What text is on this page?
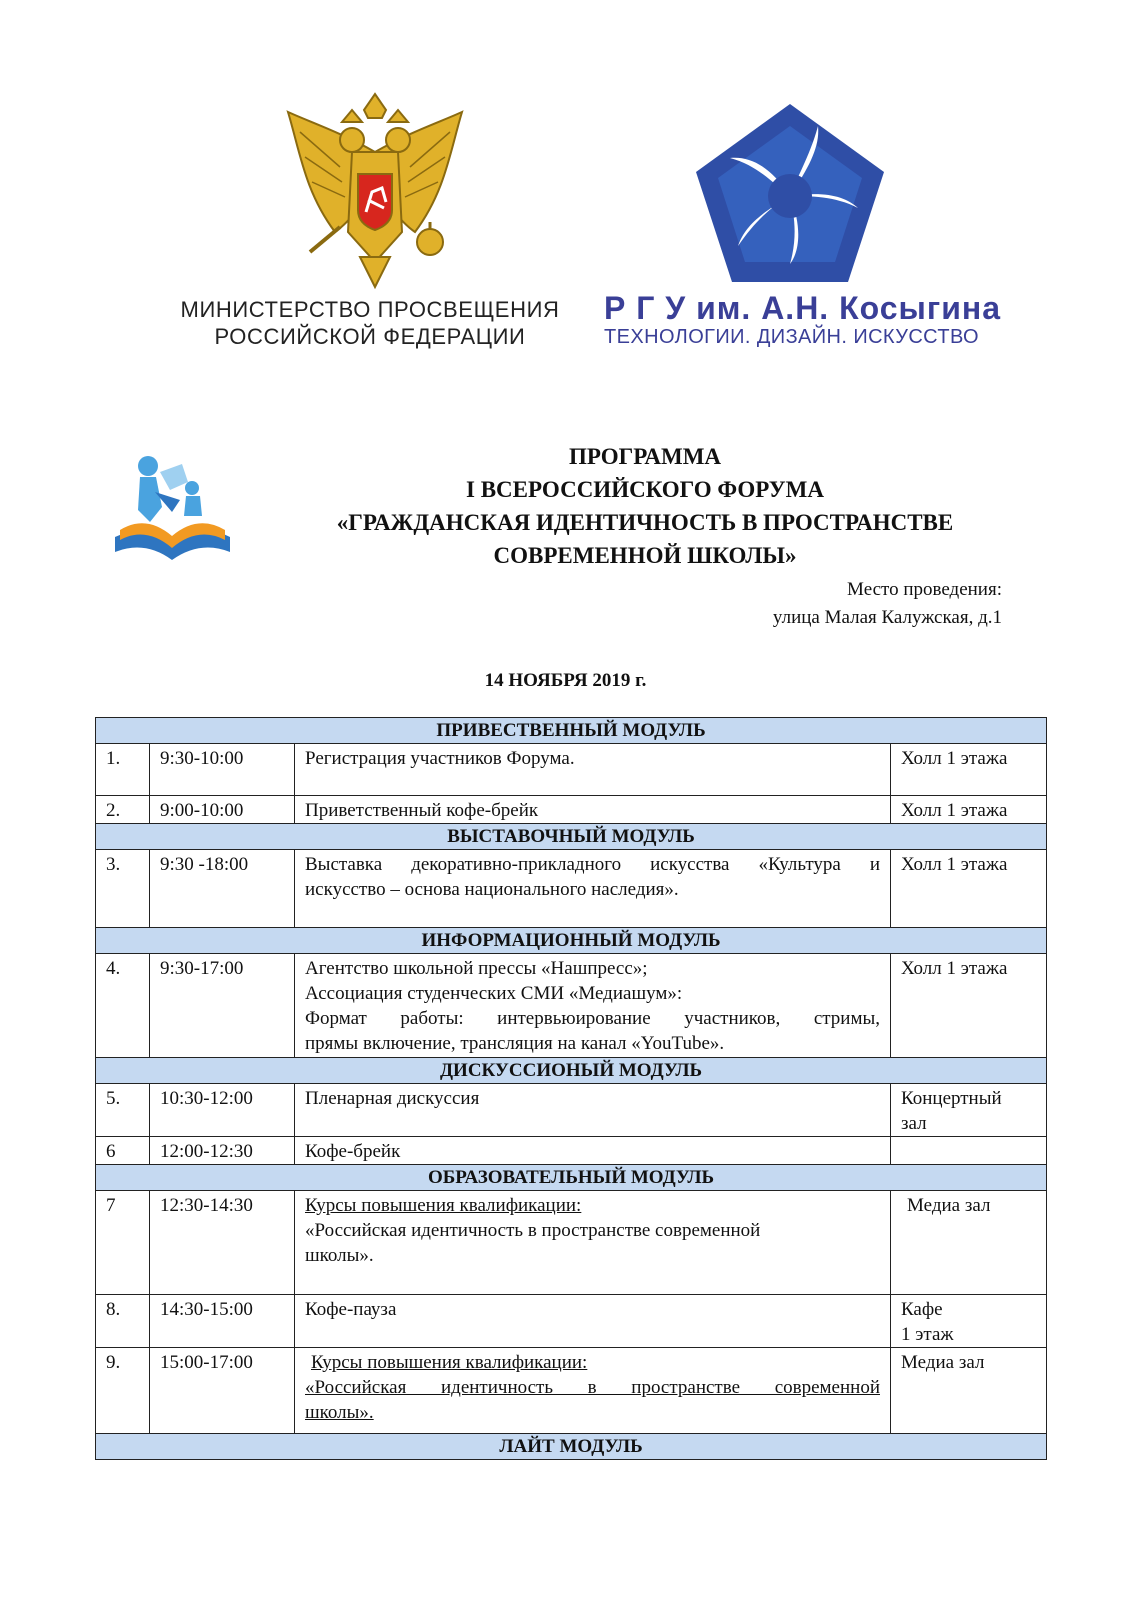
МИНИСТЕРСТВО ПРОСВЕЩЕНИЯ
РОССИЙСКОЙ ФЕДЕРАЦИИ
Р Г У им. А.Н. Косыгина
ТЕХНОЛОГИИ. ДИЗАЙН. ИСКУССТВО
ПРОГРАММА
I ВСЕРОССИЙСКОГО ФОРУМА
«ГРАЖДАНСКАЯ ИДЕНТИЧНОСТЬ В ПРОСТРАНСТВЕ
СОВРЕМЕННОЙ ШКОЛЫ»
Место проведения:
улица Малая Калужская, д.1
14 НОЯБРЯ 2019 г.
ПРИВЕСТВЕННЫЙ МОДУЛЬ			
1.	9:30-10:00	Регистрация участников Форума.	Холл 1 этажа

2.	9:00-10:00	Приветственный кофе-брейк	Холл 1 этажа

ВЫСТАВОЧНЫЙ МОДУЛЬ			
3.	9:30 -18:00	Выставка декоративно-прикладного искусства «Культура и
искусство – основа национального наследия».	Холл 1 этажа

ИНФОРМАЦИОННЫЙ МОДУЛЬ			
4.	9:30-17:00	Агентство школьной прессы «Нашпресс»;
Ассоциация студенческих СМИ «Медиашум»:
Формат работы: интервьюирование участников, стримы,
прямы включение, трансляция на канал «YouTube».	Холл 1 этажа

ДИСКУССИОНЫЙ МОДУЛЬ			
5.	10:30-12:00	Пленарная дискуссия	Концертный
зал

6	12:00-12:30	Кофе-брейк	

ОБРАЗОВАТЕЛЬНЫЙ МОДУЛЬ			
7	12:30-14:30	Курсы повышения квалификации:
«Российская идентичность в пространстве современной
школы».	Медиа зал

8.	14:30-15:00	Кофе-пауза	Кафе
1 этаж

9.	15:00-17:00	Курсы повышения квалификации:
«Российская идентичность в пространстве современной
школы».	Медиа зал

ЛАЙТ МОДУЛЬ			
